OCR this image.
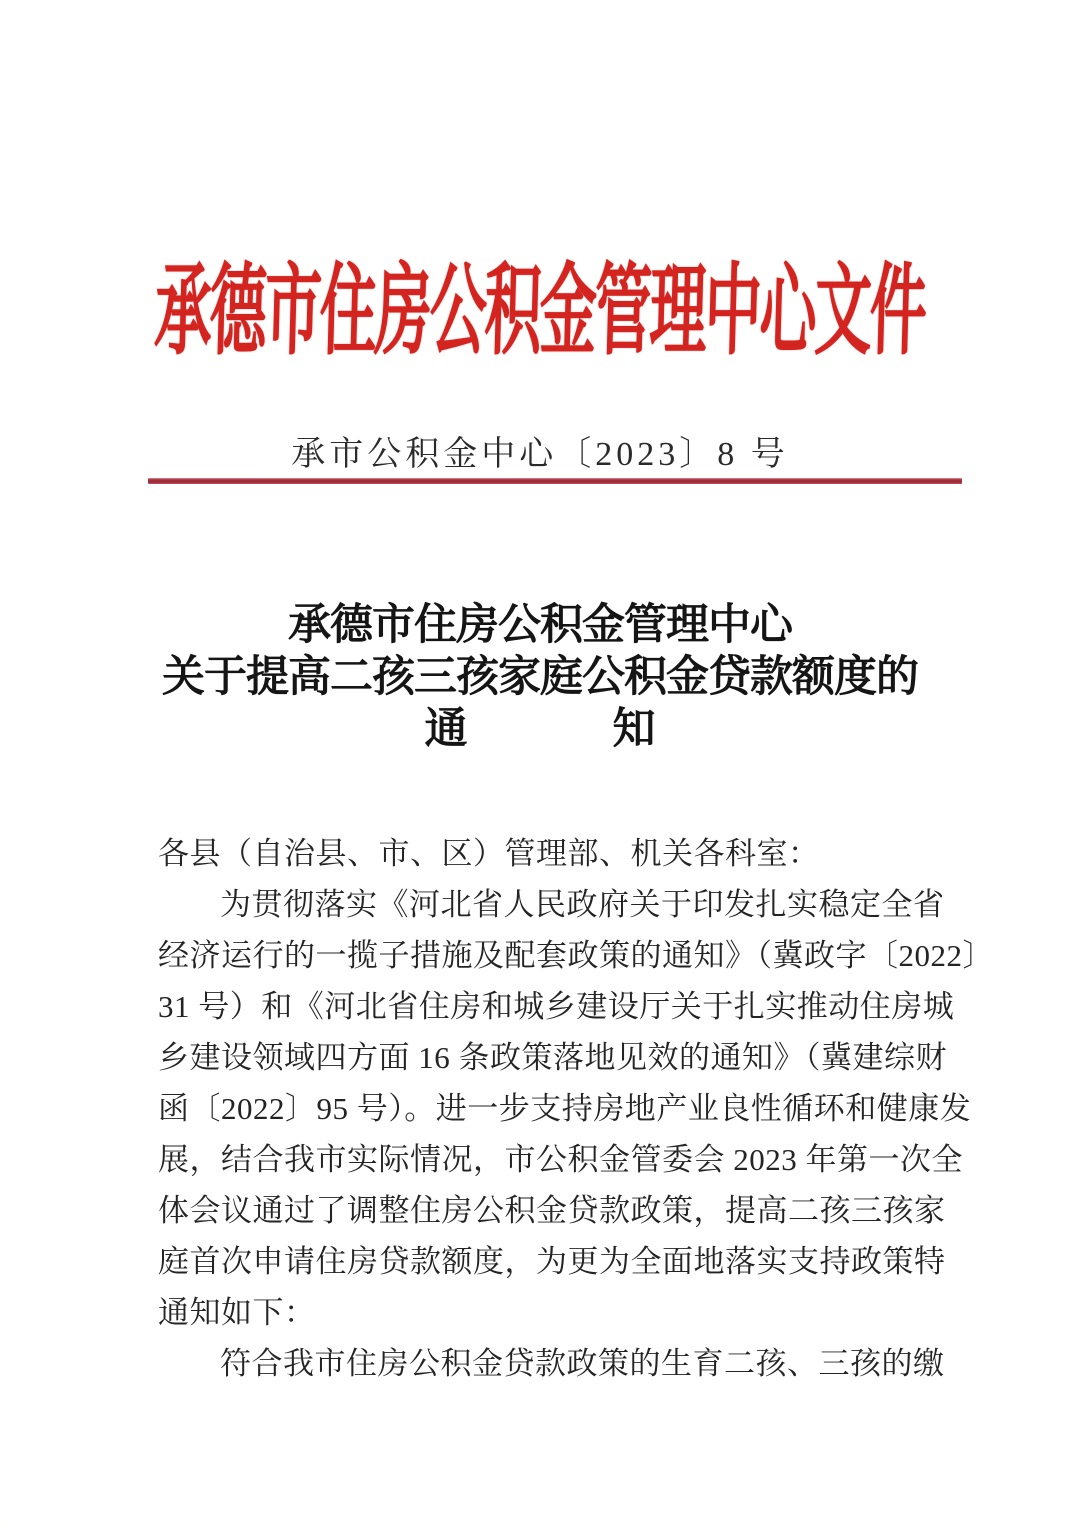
承德市住房公积金管理中心文件
承市公积金中心〔2023〕8 号
承德市住房公积金管理中心
关于提高二孩三孩家庭公积金贷款额度的
通	知
各县（自治县、市、区）管理部、机关各科室：
为贯彻落实《河北省人民政府关于印发扎实稳定全省
经济运行的一揽子措施及配套政策的通知》（冀政字〔2022〕
31 号）和《河北省住房和城乡建设厅关于扎实推动住房城
乡建设领域四方面 16 条政策落地见效的通知》（冀建综财
函〔2022〕95 号）。进一步支持房地产业良性循环和健康发
展，结合我市实际情况，市公积金管委会 2023 年第一次全
体会议通过了调整住房公积金贷款政策，提高二孩三孩家
庭首次申请住房贷款额度，为更为全面地落实支持政策特
通知如下：
符合我市住房公积金贷款政策的生育二孩、三孩的缴
